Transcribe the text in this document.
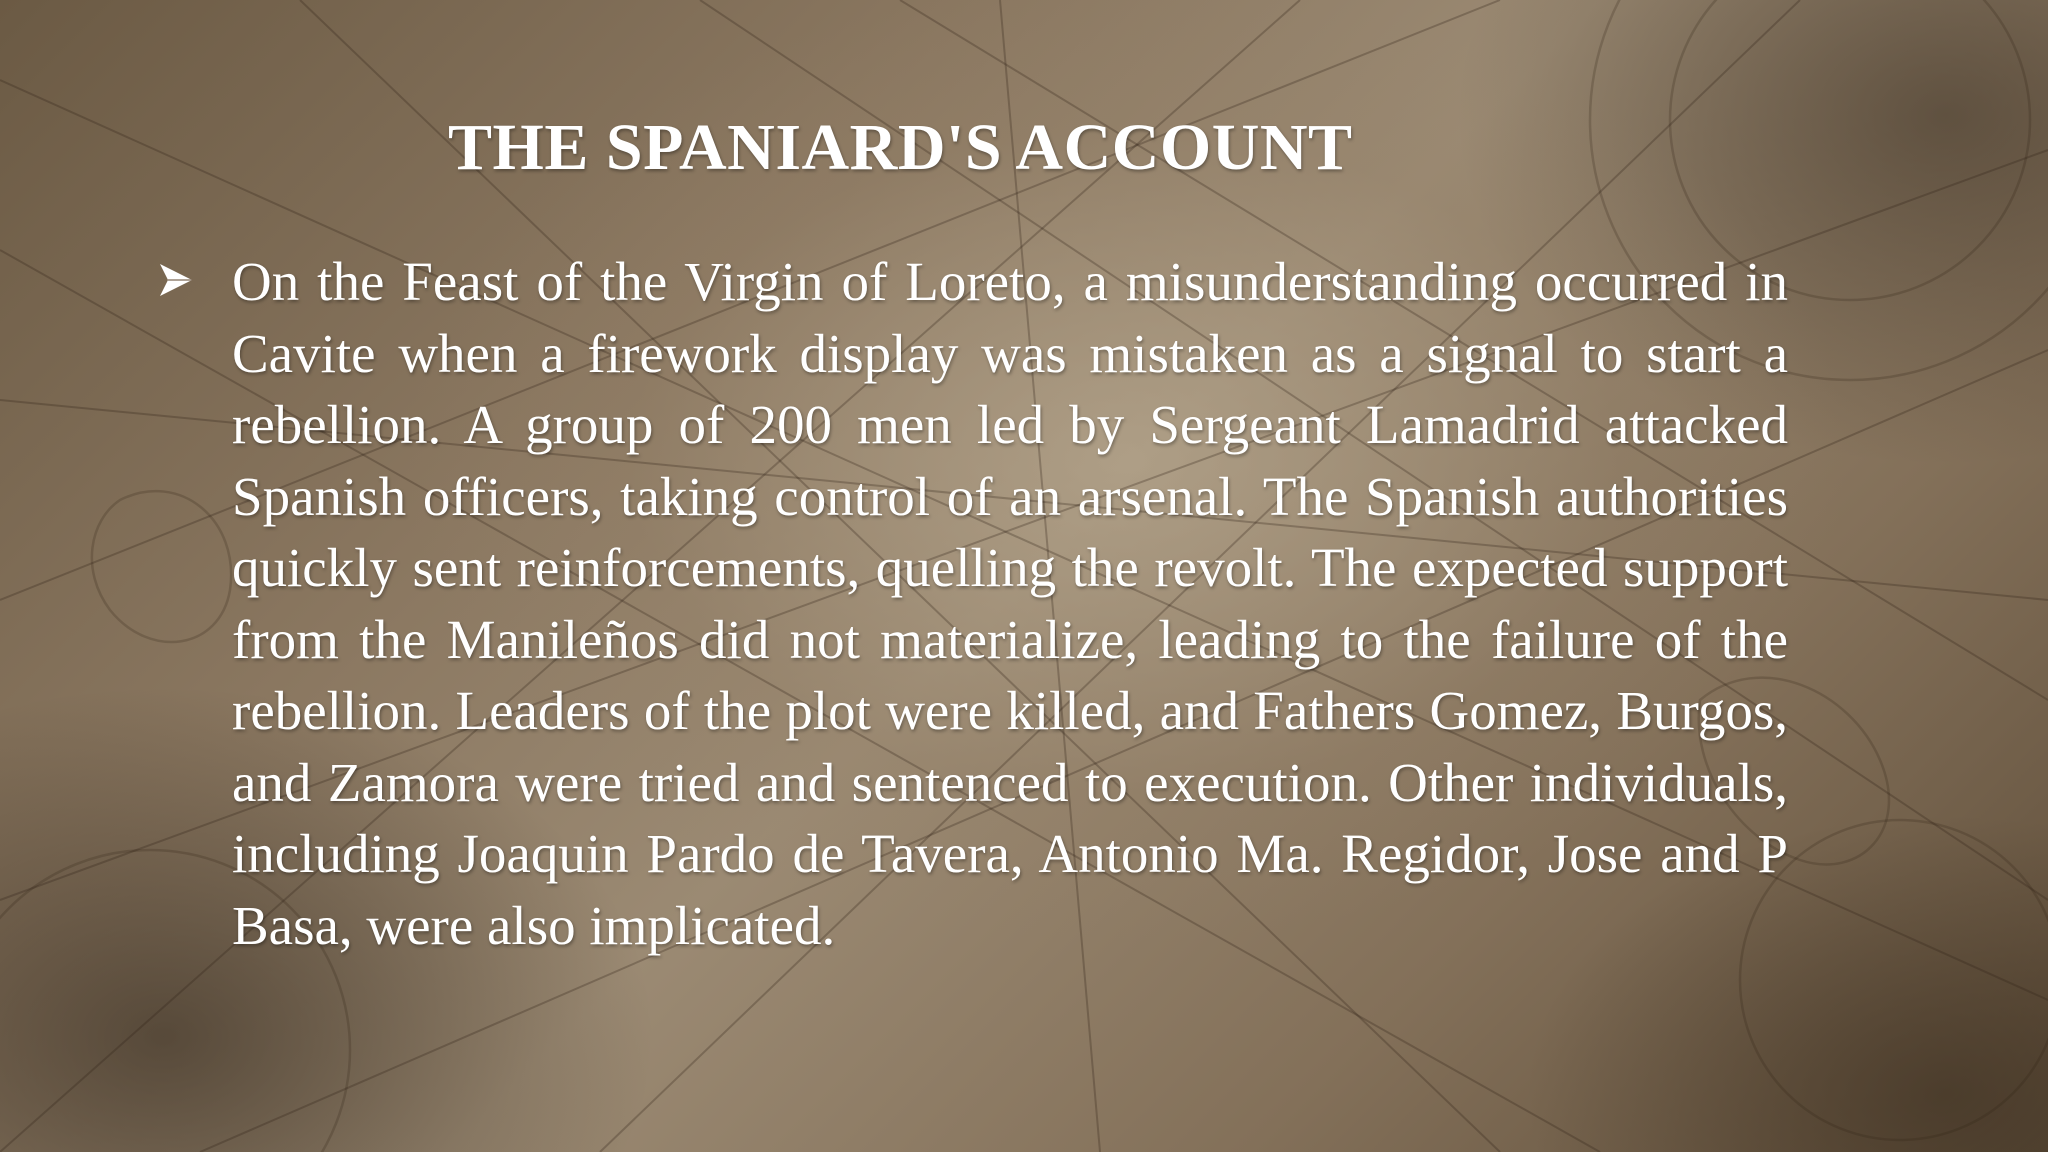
THE SPANIARD'S ACCOUNT

On the Feast of the Virgin of Loreto, a misunderstanding occurred in Cavite when a firework display was mistaken as a signal to start a rebellion. A group of 200 men led by Sergeant Lamadrid attacked Spanish officers, taking control of an arsenal. The Spanish authorities quickly sent reinforcements, quelling the revolt. The expected support from the Manileños did not materialize, leading to the failure of the rebellion. Leaders of the plot were killed, and Fathers Gomez, Burgos, and Zamora were tried and sentenced to execution. Other individuals, including Joaquin Pardo de Tavera, Antonio Ma. Regidor, Jose and P Basa, were also implicated.
